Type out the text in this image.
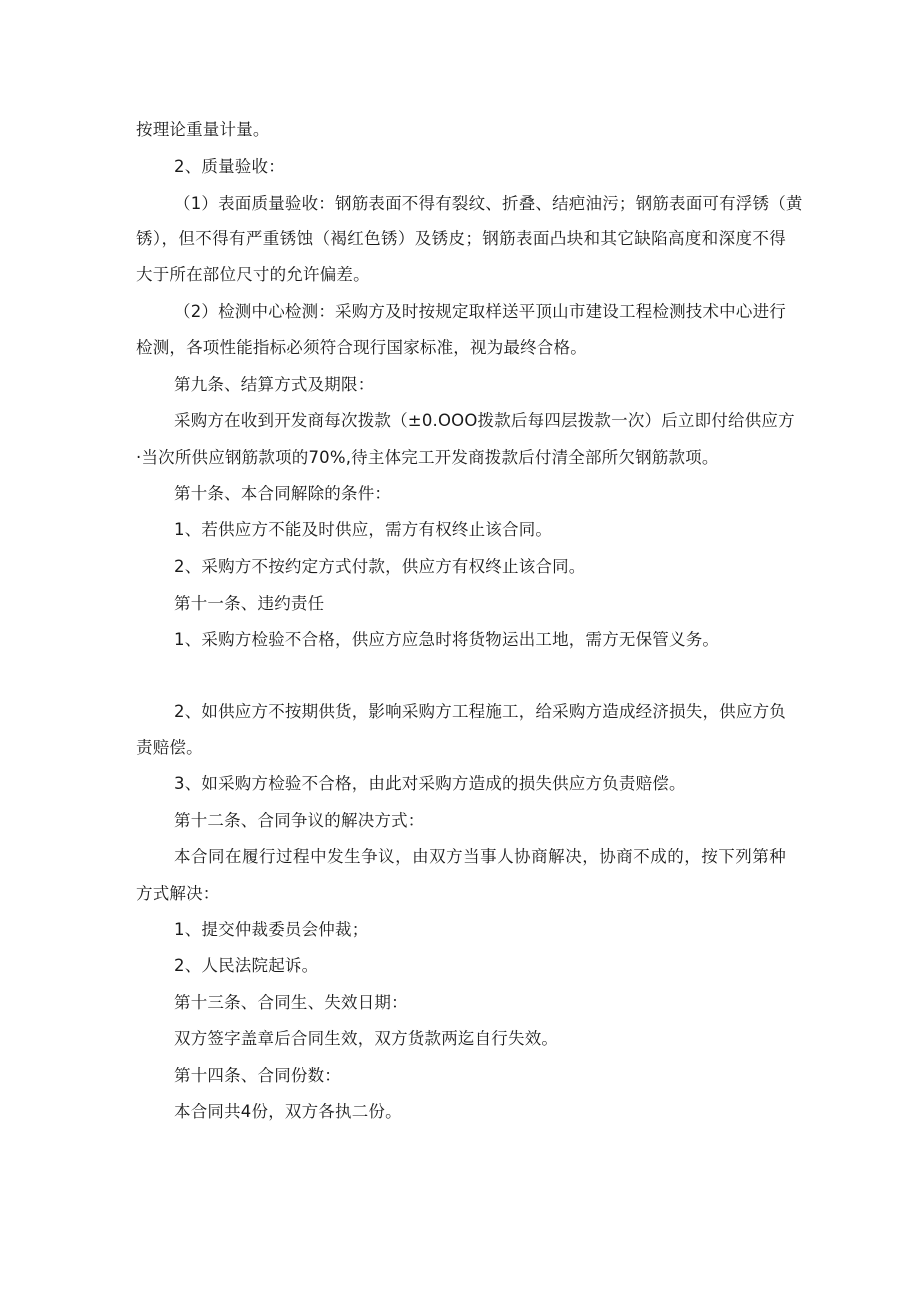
按理论重量计量。
2、质量验收：
（1）表面质量验收：钢筋表面不得有裂纹、折叠、结疤油污；钢筋表面可有浮锈（黄
锈），但不得有严重锈蚀（褐红色锈）及锈皮；钢筋表面凸块和其它缺陷高度和深度不得
大于所在部位尺寸的允许偏差。
（2）检测中心检测：采购方及时按规定取样送平顶山市建设工程检测技术中心进行
检测，各项性能指标必须符合现行国家标准，视为最终合格。
第九条、结算方式及期限：
采购方在收到开发商每次拨款（±0.OOO拨款后每四层拨款一次）后立即付给供应方
·当次所供应钢筋款项的70%,待主体完工开发商拨款后付清全部所欠钢筋款项。
第十条、本合同解除的条件：
1、若供应方不能及时供应，需方有权终止该合同。
2、采购方不按约定方式付款，供应方有权终止该合同。
第十一条、违约责任
1、采购方检验不合格，供应方应急时将货物运出工地，需方无保管义务。
2、如供应方不按期供货，影响采购方工程施工，给采购方造成经济损失，供应方负
责赔偿。
3、如采购方检验不合格，由此对采购方造成的损失供应方负责赔偿。
第十二条、合同争议的解决方式：
本合同在履行过程中发生争议，由双方当事人协商解决，协商不成的，按下列第种
方式解决：
1、提交仲裁委员会仲裁；
2、人民法院起诉。
第十三条、合同生、失效日期：
双方签字盖章后合同生效，双方货款两迄自行失效。
第十四条、合同份数：
本合同共4份，双方各执二份。
